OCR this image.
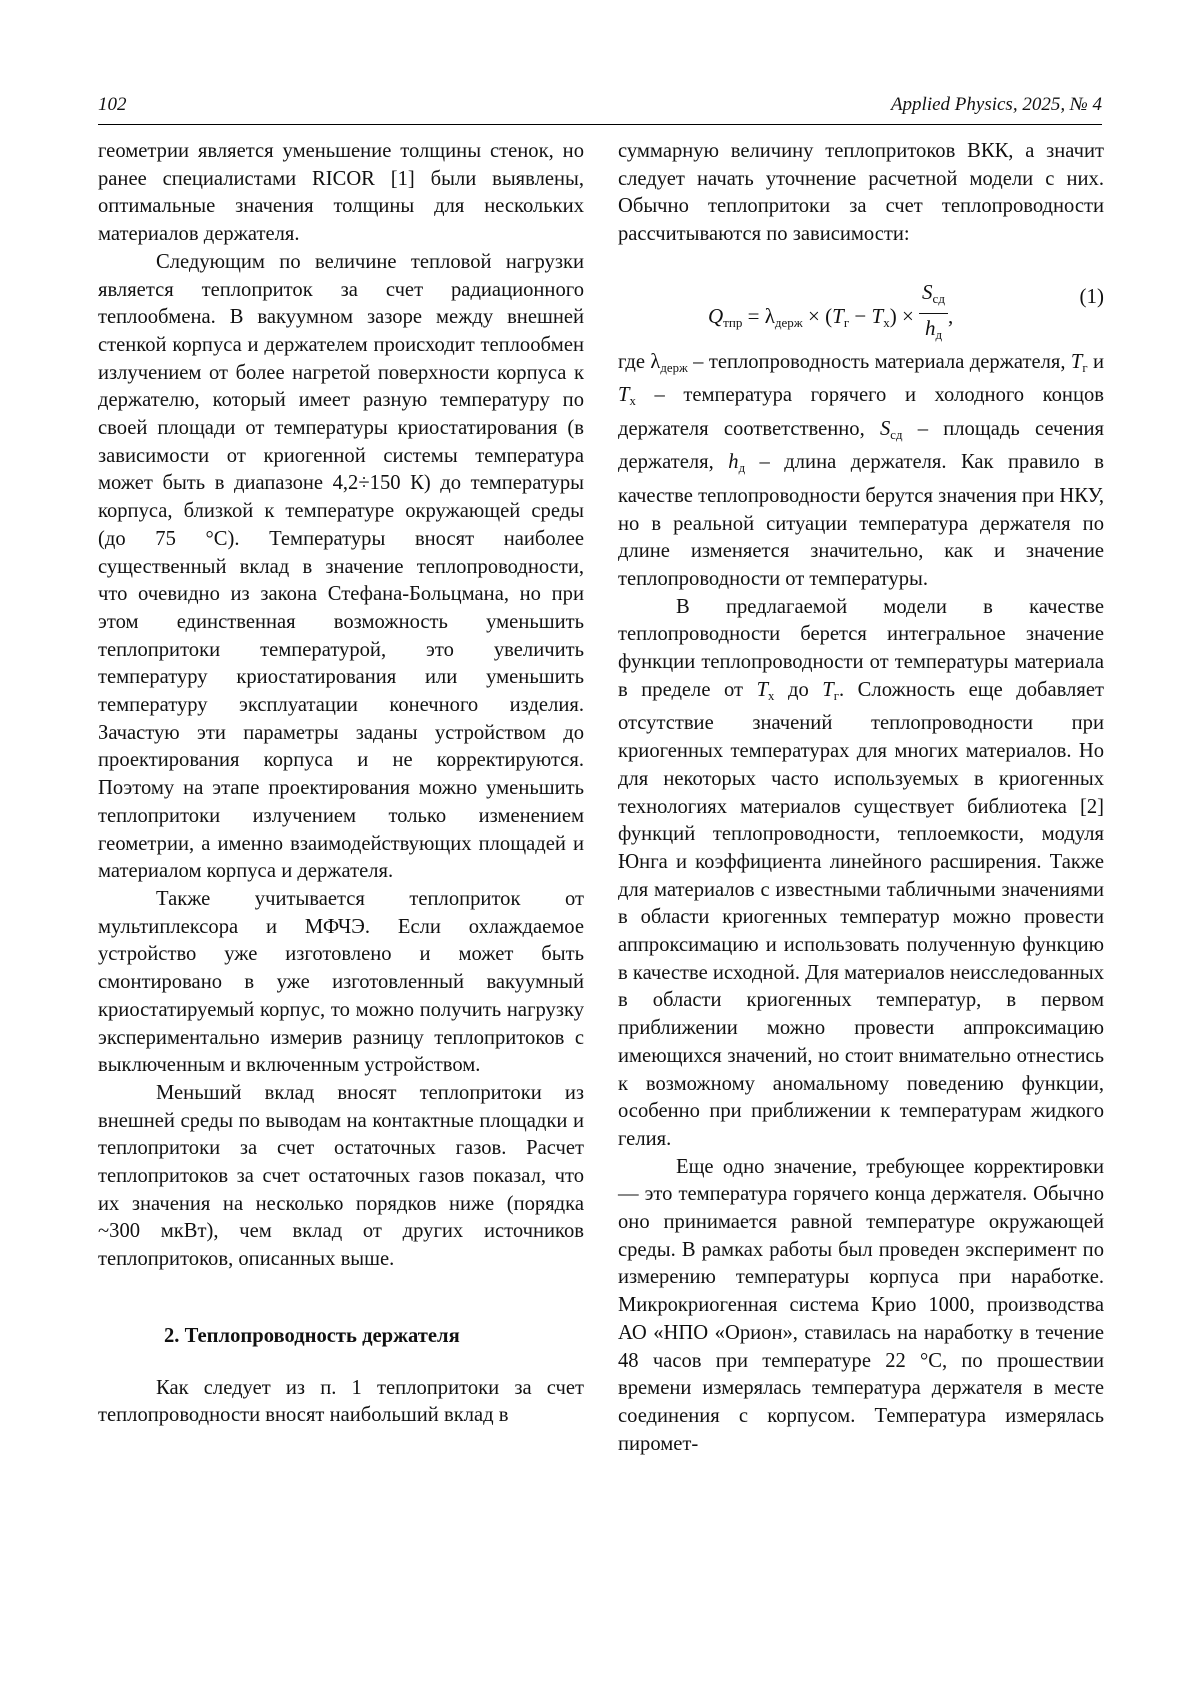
102	Applied Physics, 2025, № 4

геометрии является уменьшение толщины стенок, но ранее специалистами RICOR [1] были выявлены, оптимальные значения толщины для нескольких материалов держателя.

Следующим по величине тепловой нагрузки является теплоприток за счет радиационного теплообмена. В вакуумном зазоре между внешней стенкой корпуса и держателем происходит теплообмен излучением от более нагретой поверхности корпуса к держателю, который имеет разную температуру по своей площади от температуры криостатирования (в зависимости от криогенной системы температура может быть в диапазоне 4,2÷150 К) до температуры корпуса, близкой к температуре окружающей среды (до 75 °С). Температуры вносят наиболее существенный вклад в значение теплопроводности, что очевидно из закона Стефана-Больцмана, но при этом единственная возможность уменьшить теплопритоки температурой, это увеличить температуру криостатирования или уменьшить температуру эксплуатации конечного изделия. Зачастую эти параметры заданы устройством до проектирования корпуса и не корректируются. Поэтому на этапе проектирования можно уменьшить теплопритоки излучением только изменением геометрии, а именно взаимодействующих площадей и материалом корпуса и держателя.

Также учитывается теплоприток от мультиплексора и МФЧЭ. Если охлаждаемое устройство уже изготовлено и может быть смонтировано в уже изготовленный вакуумный криостатируемый корпус, то можно получить нагрузку экспериментально измерив разницу теплопритоков с выключенным и включенным устройством.

Меньший вклад вносят теплопритоки из внешней среды по выводам на контактные площадки и теплопритоки за счет остаточных газов. Расчет теплопритоков за счет остаточных газов показал, что их значения на несколько порядков ниже (порядка ~300 мкВт), чем вклад от других источников теплопритоков, описанных выше.

2. Теплопроводность держателя

Как следует из п. 1 теплопритоки за счет теплопроводности вносят наибольший вклад в

суммарную величину теплопритоков ВКК, а значит следует начать уточнение расчетной модели с них. Обычно теплопритоки за счет теплопроводности рассчитываются по зависимости:

$Q_{тпр} = \lambda_{держ} \times (T_г - T_х) \times \frac{S_{сд}}{h_д}$ ,
(1)

где $\lambda_{держ}$ – теплопроводность материала держателя, $T_г$ и $T_х$ – температура горячего и холодного концов держателя соответственно, $S_{сд}$ – площадь сечения держателя, $h_д$ – длина держателя. Как правило в качестве теплопроводности берутся значения при НКУ, но в реальной ситуации температура держателя по длине изменяется значительно, как и значение теплопроводности от температуры.

В предлагаемой модели в качестве теплопроводности берется интегральное значение функции теплопроводности от температуры материала в пределе от $T_х$ до $T_г$. Сложность еще добавляет отсутствие значений теплопроводности при криогенных температурах для многих материалов. Но для некоторых часто используемых в криогенных технологиях материалов существует библиотека [2] функций теплопроводности, теплоемкости, модуля Юнга и коэффициента линейного расширения. Также для материалов с известными табличными значениями в области криогенных температур можно провести аппроксимацию и использовать полученную функцию в качестве исходной. Для материалов неисследованных в области криогенных температур, в первом приближении можно провести аппроксимацию имеющихся значений, но стоит внимательно отнестись к возможному аномальному поведению функции, особенно при приближении к температурам жидкого гелия.

Еще одно значение, требующее корректировки — это температура горячего конца держателя. Обычно оно принимается равной температуре окружающей среды. В рамках работы был проведен эксперимент по измерению температуры корпуса при наработке. Микрокриогенная система Крио 1000, производства АО «НПО «Орион», ставилась на наработку в течение 48 часов при температуре 22 °С, по прошествии времени измерялась температура держателя в месте соединения с корпусом. Температура измерялась пиромет-
